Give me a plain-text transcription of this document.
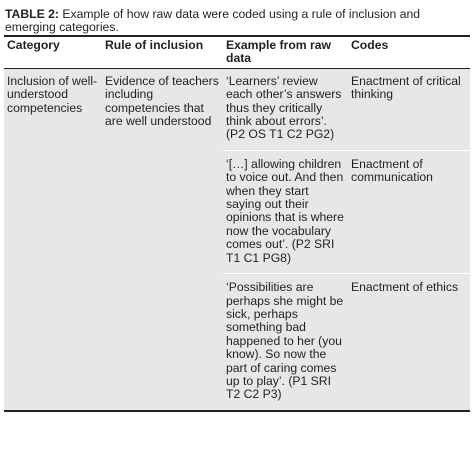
TABLE 2: Example of how raw data were coded using a rule of inclusion and emerging categories.
Category	Rule of inclusion	Example from raw data	Codes
Inclusion of well-understood competencies	Evidence of teachers including competencies that are well understood	‘Learners’ review each other’s answers thus they critically think about errors’. (P2 OS T1 C2 PG2)	Enactment of critical thinking
		‘[…] allowing children to voice out. And then when they start saying out their opinions that is where now the vocabulary comes out’. (P2 SRI T1 C1 PG8)	Enactment of communication
		‘Possibilities are perhaps she might be sick, perhaps something bad happened to her (you know). So now the part of caring comes up to play’. (P1 SRI T2 C2 P3)	Enactment of ethics
